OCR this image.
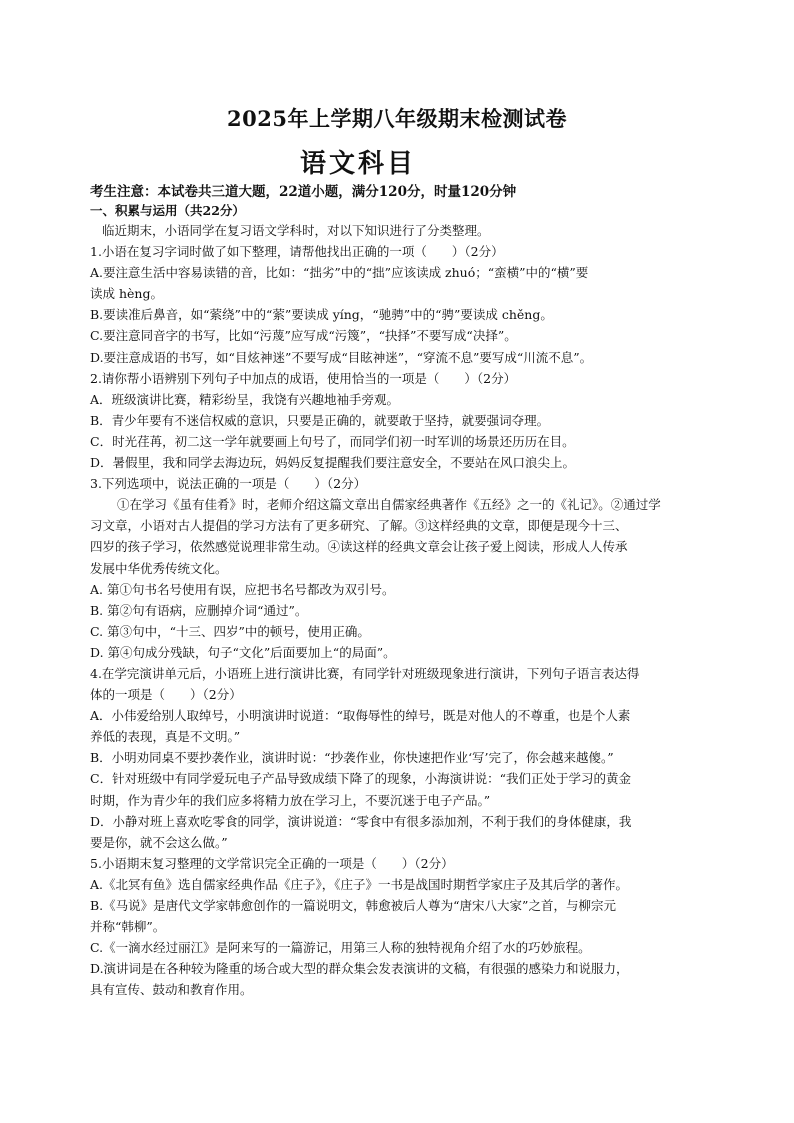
2025年上学期八年级期末检测试卷
语文科目
考生注意：本试卷共三道大题，22道小题，满分120分，时量120分钟
一、积累与运用（共22分）
临近期末，小语同学在复习语文学科时，对以下知识进行了分类整理。
1.小语在复习字词时做了如下整理，请帮他找出正确的一项（　　）（2分）
A.要注意生活中容易读错的音，比如：“拙劣”中的“拙”应该读成 zhuó；“蛮横”中的“横”要
读成 hèng。
B.要读准后鼻音，如“萦绕”中的“萦”要读成 yíng，“驰骋”中的“骋”要读成 chěng。
C.要注意同音字的书写，比如“污蔑”应写成“污篾”，“抉择”不要写成“决择”。
D.要注意成语的书写，如“目炫神迷”不要写成“目眩神迷”，“穿流不息”要写成“川流不息”。
2.请你帮小语辨别下列句子中加点的成语，使用恰当的一项是（　　）（2分）
A．班级演讲比赛，精彩纷呈，我饶有兴趣地袖手旁观。
B．青少年要有不迷信权威的意识，只要是正确的，就要敢于坚持，就要强词夺理。
C．时光荏苒，初二这一学年就要画上句号了，而同学们初一时军训的场景还历历在目。
D．暑假里，我和同学去海边玩，妈妈反复提醒我们要注意安全，不要站在风口浪尖上。
3.下列选项中，说法正确的一项是（　　）（2分）
①在学习《虽有佳肴》时，老师介绍这篇文章出自儒家经典著作《五经》之一的《礼记》。②通过学
习文章，小语对古人提倡的学习方法有了更多研究、了解。③这样经典的文章，即便是现今十三、
四岁的孩子学习，依然感觉说理非常生动。④读这样的经典文章会让孩子爱上阅读，形成人人传承
发展中华优秀传统文化。
A. 第①句书名号使用有误，应把书名号都改为双引号。
B. 第②句有语病，应删掉介词“通过”。
C. 第③句中，“十三、四岁”中的顿号，使用正确。
D. 第④句成分残缺，句子“文化”后面要加上“的局面”。
4.在学完演讲单元后，小语班上进行演讲比赛，有同学针对班级现象进行演讲，下列句子语言表达得
体的一项是（　　）（2分）
A．小伟爱给别人取绰号，小明演讲时说道：“取侮辱性的绰号，既是对他人的不尊重，也是个人素
养低的表现，真是不文明。”
B．小明劝同桌不要抄袭作业，演讲时说：“抄袭作业，你快速把作业‘写’完了，你会越来越傻。”
C．针对班级中有同学爱玩电子产品导致成绩下降了的现象，小海演讲说：“我们正处于学习的黄金
时期，作为青少年的我们应多将精力放在学习上，不要沉迷于电子产品。”
D．小静对班上喜欢吃零食的同学，演讲说道：“零食中有很多添加剂，不利于我们的身体健康，我
要是你，就不会这么做。”
5.小语期末复习整理的文学常识完全正确的一项是（　　）（2分）
A.《北冥有鱼》选自儒家经典作品《庄子》，《庄子》一书是战国时期哲学家庄子及其后学的著作。
B.《马说》是唐代文学家韩愈创作的一篇说明文，韩愈被后人尊为“唐宋八大家”之首，与柳宗元
并称“韩柳”。
C.《一滴水经过丽江》是阿来写的一篇游记，用第三人称的独特视角介绍了水的巧妙旅程。
D.演讲词是在各种较为隆重的场合或大型的群众集会发表演讲的文稿，有很强的感染力和说服力，
具有宣传、鼓动和教育作用。
